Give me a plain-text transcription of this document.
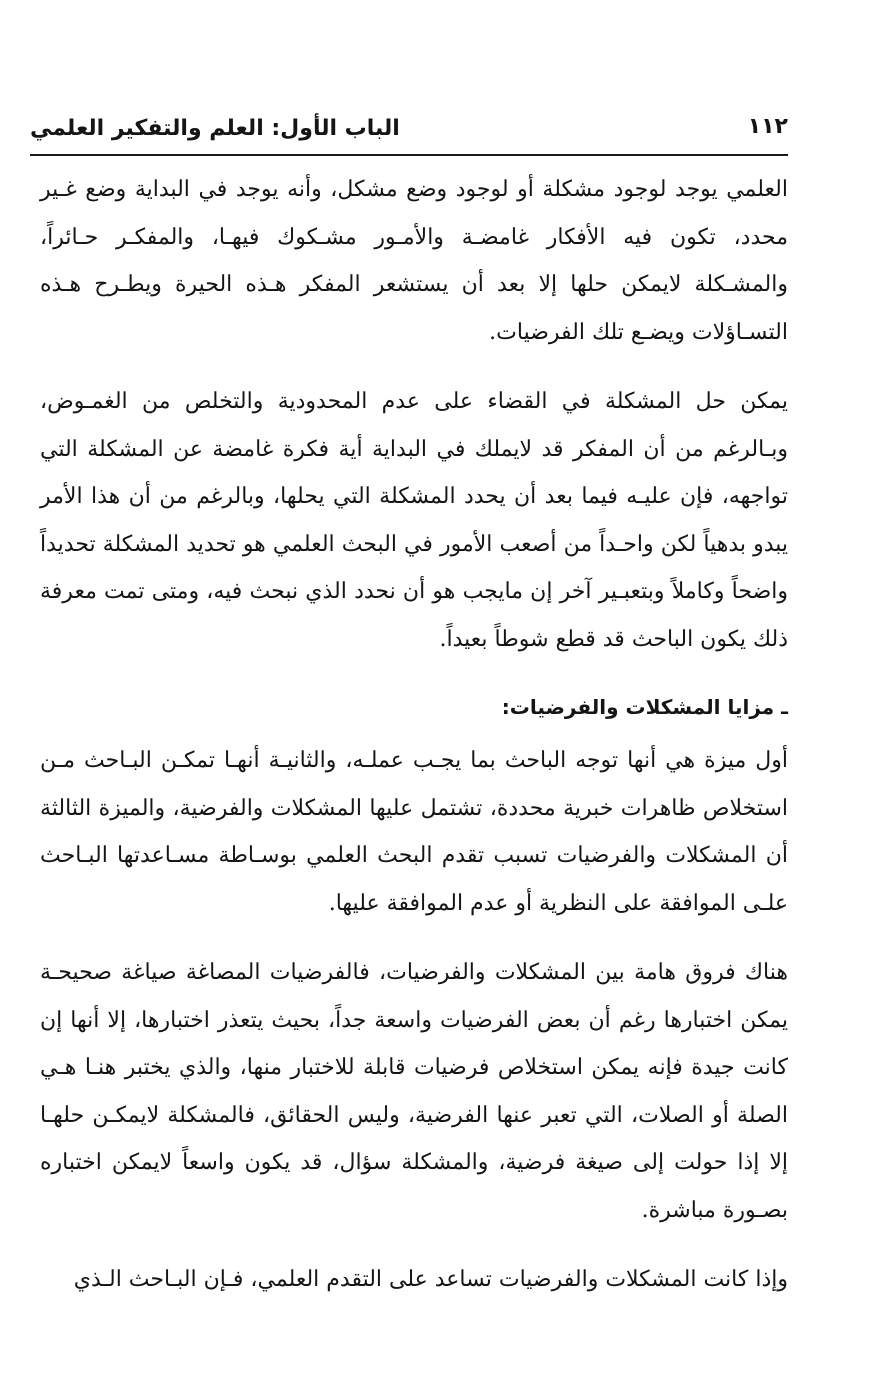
١١٢
الباب الأول: العلم والتفكير العلمي

العلمي يوجد لوجود مشكلة أو لوجود وضع مشكل، وأنه يوجد في البداية وضع غـير محدد، تكون فيه الأفكار غامضـة والأمـور مشـكوك فيهـا، والمفكـر حـائراً، والمشـكلة لايمكن حلها إلا بعد أن يستشعر المفكر هـذه الحيرة ويطـرح هـذه التسـاؤلات ويضـع تلك الفرضيات.

يمكن حل المشكلة في القضاء على عدم المحدودية والتخلص من الغمـوض، وبـالرغم من أن المفكر قد لايملك في البداية أية فكرة غامضة عن المشكلة التي تواجهه، فإن عليـه فيما بعد أن يحدد المشكلة التي يحلها، وبالرغم من أن هذا الأمر يبدو بدهياً لكن واحـداً من أصعب الأمور في البحث العلمي هو تحديد المشكلة تحديداً واضحاً وكاملاً وبتعبـير آخر إن مايجب هو أن نحدد الذي نبحث فيه، ومتى تمت معرفة ذلك يكون الباحث قد قطع شوطاً بعيداً.

ـ مزايا المشكلات والفرضيات:

أول ميزة هي أنها توجه الباحث بما يجـب عملـه، والثانيـة أنهـا تمكـن البـاحث مـن استخلاص ظاهرات خبرية محددة، تشتمل عليها المشكلات والفرضية، والميزة الثالثة أن المشكلات والفرضيات تسبب تقدم البحث العلمي بوسـاطة مسـاعدتها البـاحث علـى الموافقة على النظرية أو عدم الموافقة عليها.

هناك فروق هامة بين المشكلات والفرضيات، فالفرضيات المصاغة صياغة صحيحـة يمكن اختبارها رغم أن بعض الفرضيات واسعة جداً، بحيث يتعذر اختبارها، إلا أنها إن كانت جيدة فإنه يمكن استخلاص فرضيات قابلة للاختبار منها، والذي يختبر هنـا هـي الصلة أو الصلات، التي تعبر عنها الفرضية، وليس الحقائق، فالمشكلة لايمكـن حلهـا إلا إذا حولت إلى صيغة فرضية، والمشكلة سؤال، قد يكون واسعاً لايمكن اختباره بصـورة مباشرة.

وإذا كانت المشكلات والفرضيات تساعد على التقدم العلمي، فـإن البـاحث الـذي
